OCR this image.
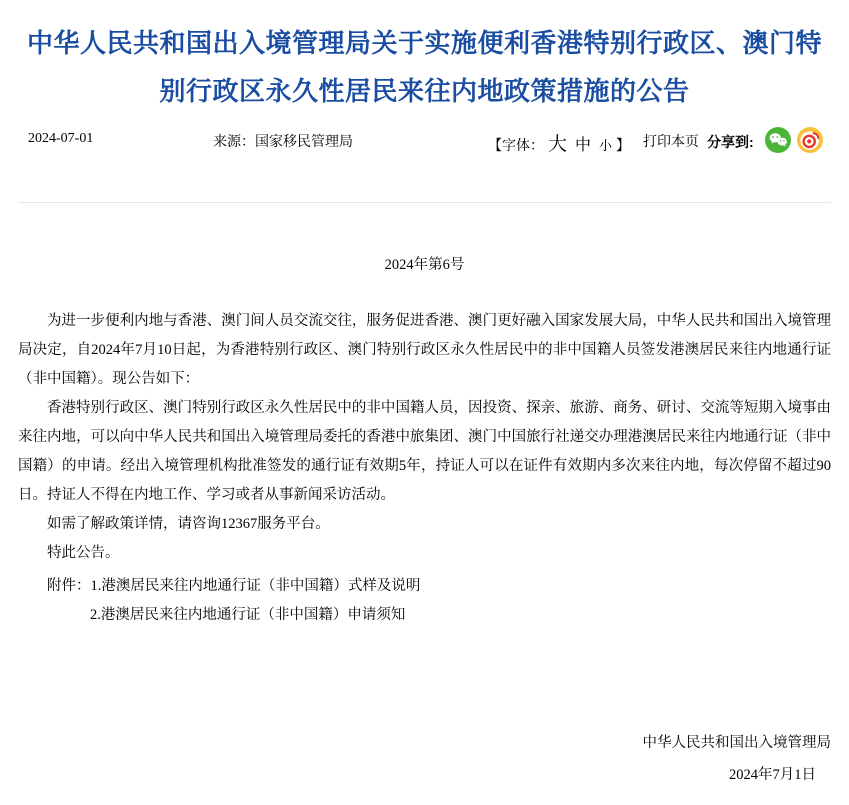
中华人民共和国出入境管理局关于实施便利香港特别行政区、澳门特别行政区永久性居民来往内地政策措施的公告
2024-07-01	来源：国家移民管理局	【字体： 大 中 小 】 打印本页 分享到:
2024年第6号

为进一步便利内地与香港、澳门间人员交流交往，服务促进香港、澳门更好融入国家发展大局，中华人民共和国出入境管理局决定，自2024年7月10日起，为香港特别行政区、澳门特别行政区永久性居民中的非中国籍人员签发港澳居民来往内地通行证（非中国籍）。现公告如下：

香港特别行政区、澳门特别行政区永久性居民中的非中国籍人员，因投资、探亲、旅游、商务、研讨、交流等短期入境事由来往内地，可以向中华人民共和国出入境管理局委托的香港中旅集团、澳门中国旅行社递交办理港澳居民来往内地通行证（非中国籍）的申请。经出入境管理机构批准签发的通行证有效期5年，持证人可以在证件有效期内多次来往内地，每次停留不超过90日。持证人不得在内地工作、学习或者从事新闻采访活动。

如需了解政策详情，请咨询12367服务平台。

特此公告。

附件：1.港澳居民来往内地通行证（非中国籍）式样及说明

2.港澳居民来往内地通行证（非中国籍）申请须知

中华人民共和国出入境管理局
2024年7月1日
